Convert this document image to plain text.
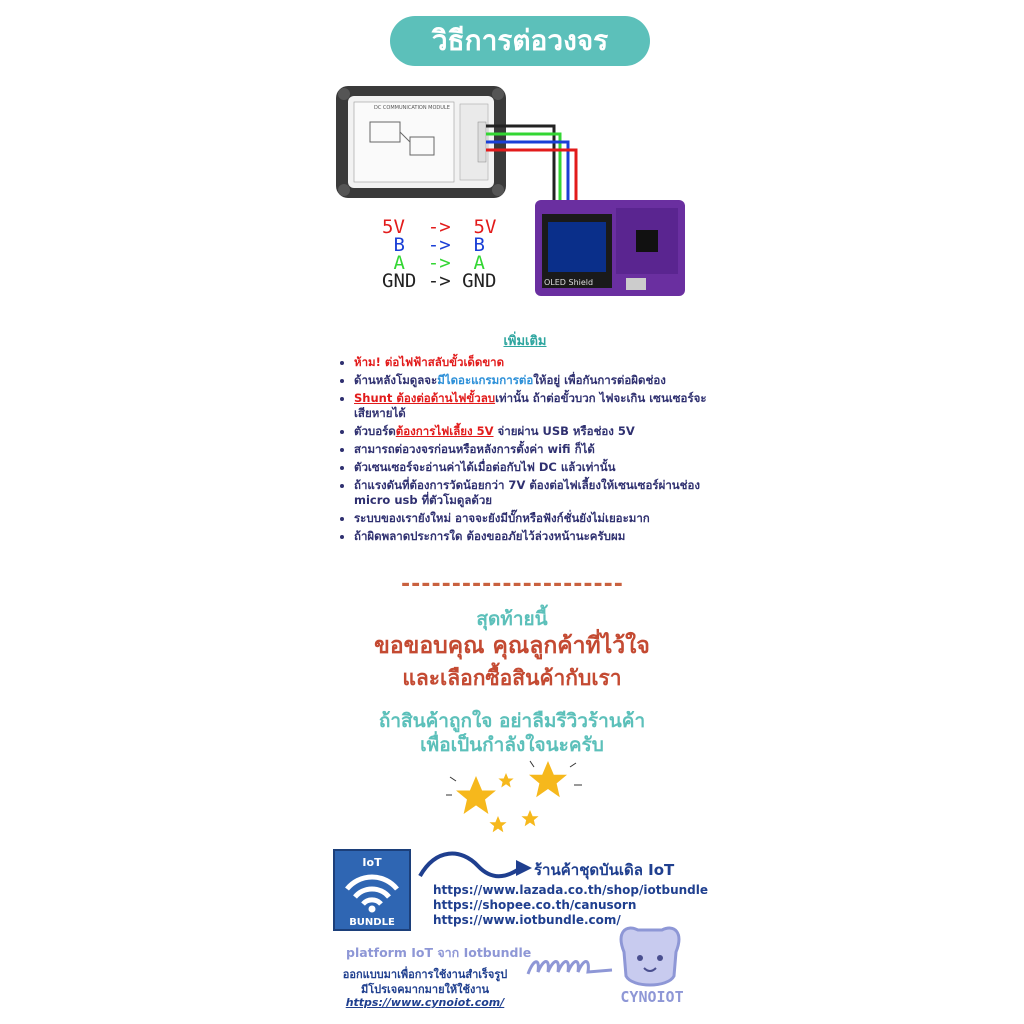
วิธีการต่อวงจร
DC COMMUNICATION MODULE
OLED Shield
5V  ->  5V
B  ->  B
A  ->  A
GND -> GND
เพิ่มเติม
• ห้าม! ต่อไฟฟ้าสลับขั้วเด็ดขาด
• ด้านหลังโมดูลจะมีไดอะแกรมการต่อให้อยู่ เพื่อกันการต่อผิดช่อง
• Shunt ต้องต่อด้านไฟขั้วลบเท่านั้น ถ้าต่อขั้วบวก ไฟจะเกิน เซนเซอร์จะเสียหายได้
• ตัวบอร์ดต้องการไฟเลี้ยง 5V จ่ายผ่าน USB หรือช่อง 5V
• สามารถต่อวงจรก่อนหรือหลังการตั้งค่า wifi ก็ได้
• ตัวเซนเซอร์จะอ่านค่าได้เมื่อต่อกับไฟ DC แล้วเท่านั้น
• ถ้าแรงดันที่ต้องการวัดน้อยกว่า 7V ต้องต่อไฟเลี้ยงให้เซนเซอร์ผ่านช่อง micro usb ที่ตัวโมดูลด้วย
• ระบบของเรายังใหม่ อาจจะยังมีบั๊กหรือฟังก์ชั่นยังไม่เยอะมาก
• ถ้าผิดพลาดประการใด ต้องขออภัยไว้ล่วงหน้านะครับผม
----------------------
สุดท้ายนี้
ขอขอบคุณ คุณลูกค้าที่ไว้ใจ
และเลือกซื้อสินค้ากับเรา
ถ้าสินค้าถูกใจ อย่าลืมรีวิวร้านค้า
เพื่อเป็นกำลังใจนะครับ
IoT
BUNDLE
ร้านค้าชุดบันเดิล IoT
https://www.lazada.co.th/shop/iotbundle
https://shopee.co.th/canusorn
https://www.iotbundle.com/
platform IoT จาก Iotbundle
ออกแบบมาเพื่อการใช้งานสำเร็จรูป
มีโปรเจคมากมายให้ใช้งาน
https://www.cynoiot.com/	CYNOIOT
